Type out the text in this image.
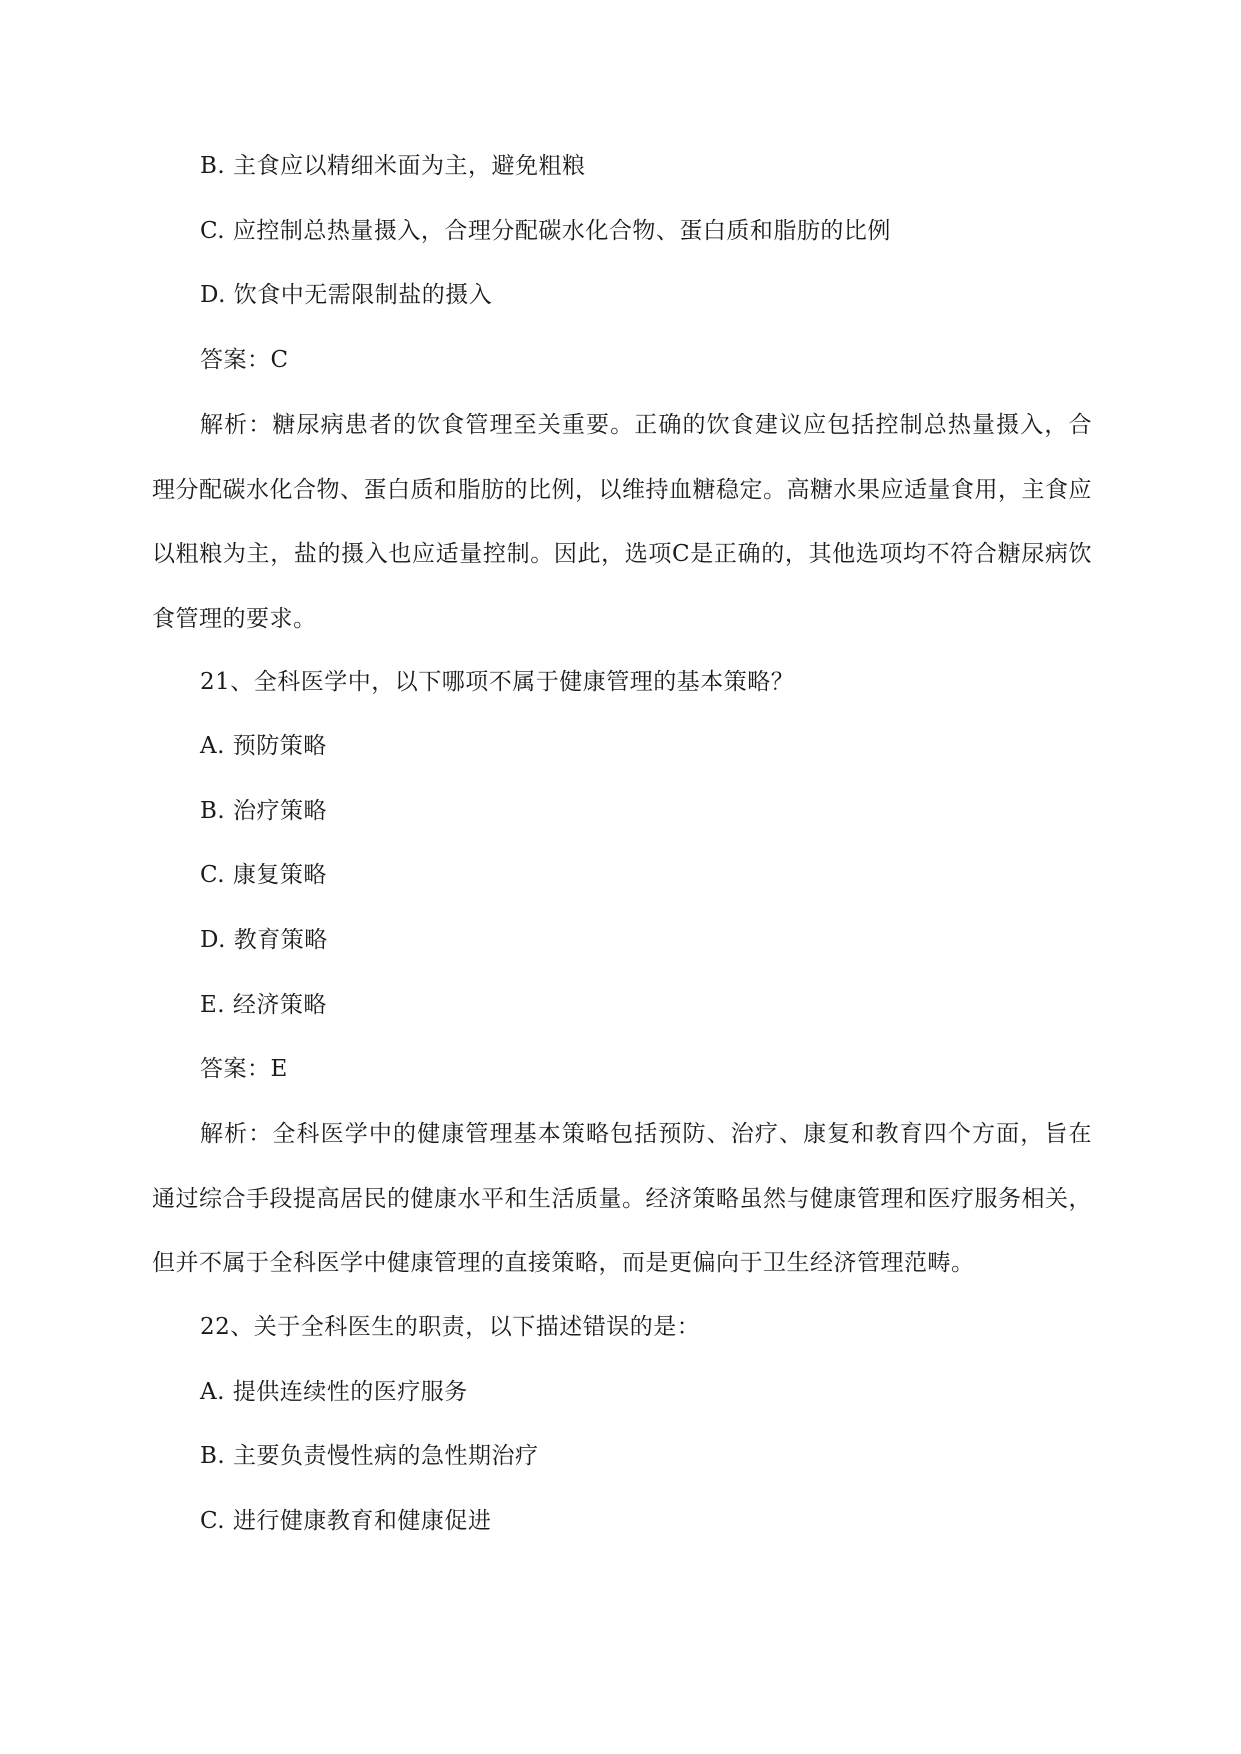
B. 主食应以精细米面为主，避免粗粮
C. 应控制总热量摄入，合理分配碳水化合物、蛋白质和脂肪的比例
D. 饮食中无需限制盐的摄入
答案：C
解析：糖尿病患者的饮食管理至关重要。正确的饮食建议应包括控制总热量摄入，合理分配碳水化合物、蛋白质和脂肪的比例，以维持血糖稳定。高糖水果应适量食用，主食应以粗粮为主，盐的摄入也应适量控制。因此，选项C是正确的，其他选项均不符合糖尿病饮食管理的要求。
21、全科医学中，以下哪项不属于健康管理的基本策略？
A. 预防策略
B. 治疗策略
C. 康复策略
D. 教育策略
E. 经济策略
答案：E
解析：全科医学中的健康管理基本策略包括预防、治疗、康复和教育四个方面，旨在通过综合手段提高居民的健康水平和生活质量。经济策略虽然与健康管理和医疗服务相关，但并不属于全科医学中健康管理的直接策略，而是更偏向于卫生经济管理范畴。
22、关于全科医生的职责，以下描述错误的是：
A. 提供连续性的医疗服务
B. 主要负责慢性病的急性期治疗
C. 进行健康教育和健康促进
